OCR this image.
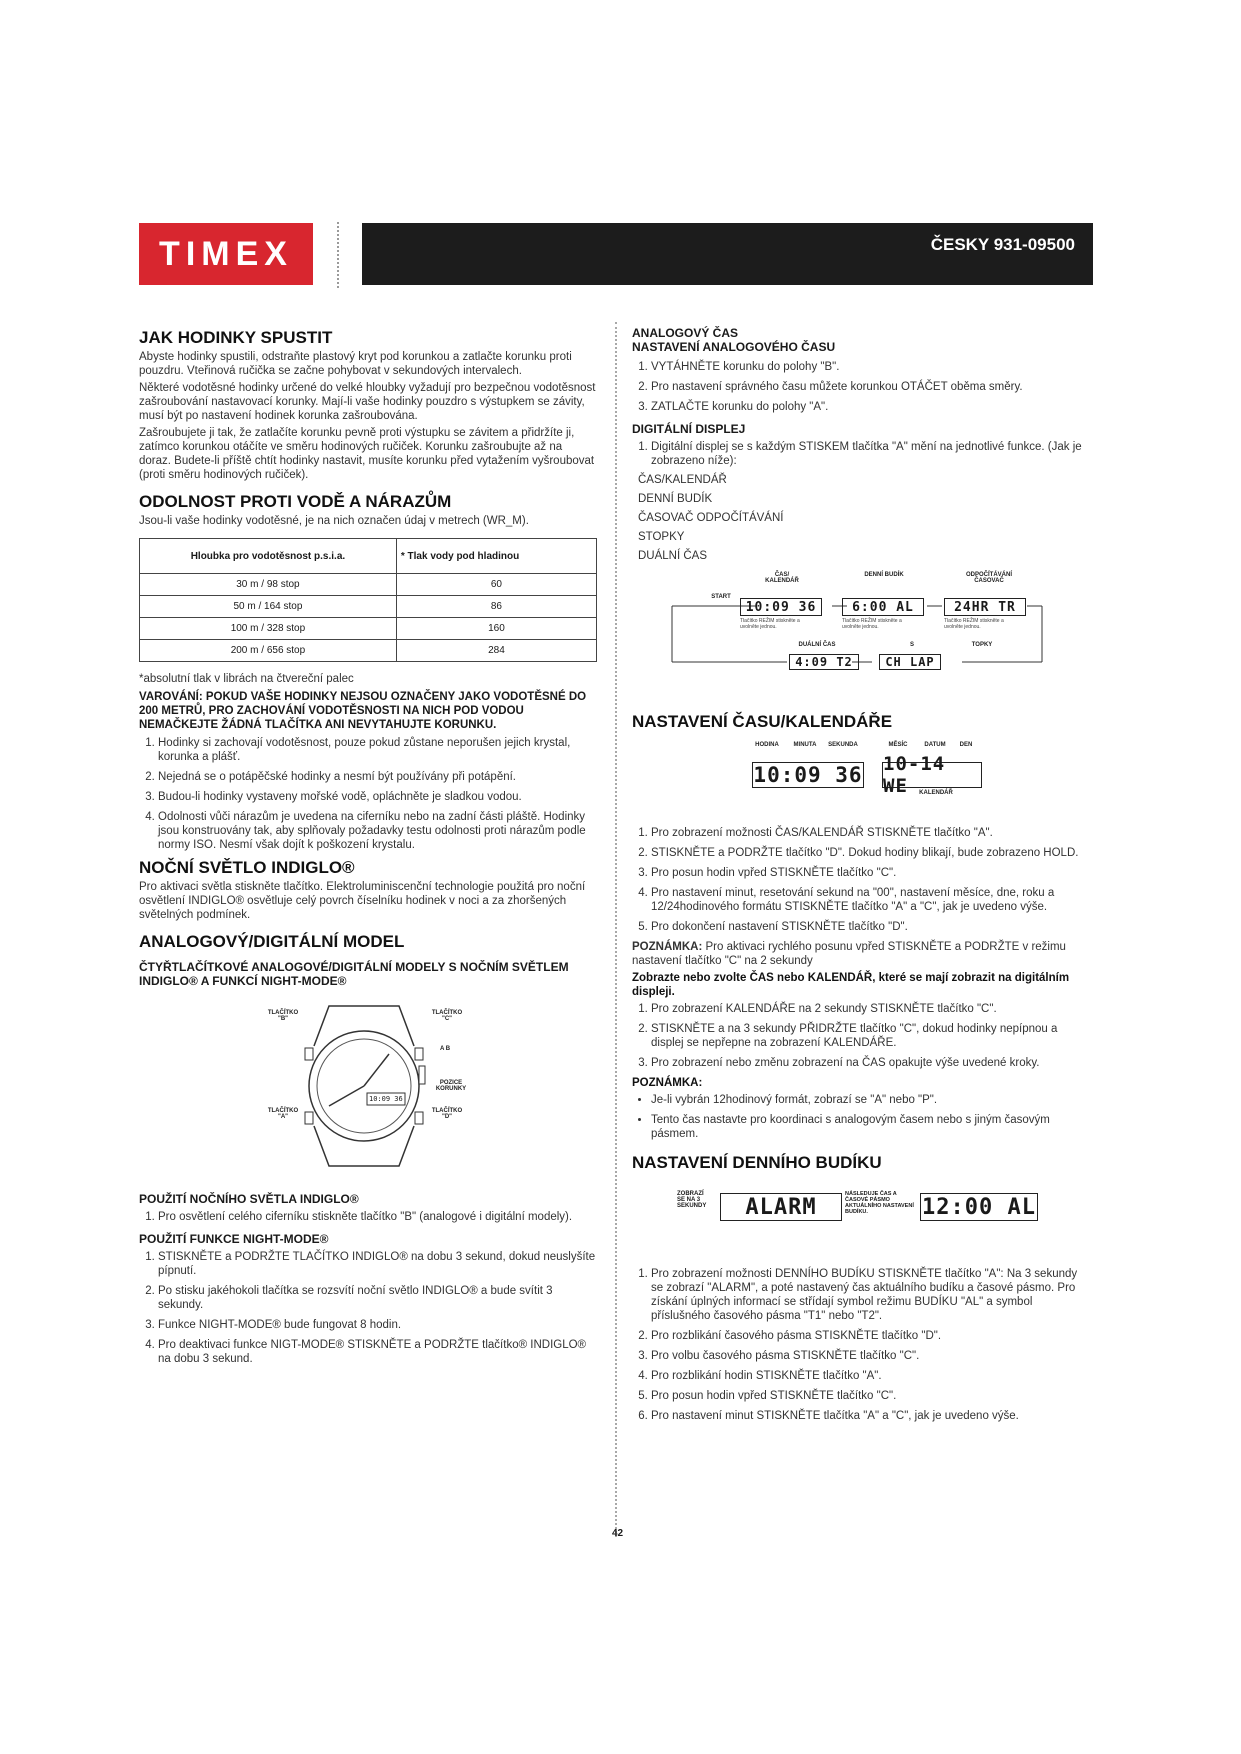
TIMEX	ČESKY 931-09500
JAK HODINKY SPUSTIT

Abyste hodinky spustili, odstraňte plastový kryt pod korunkou a zatlačte korunku proti pouzdru. Vteřinová ručička se začne pohybovat v sekundových intervalech.

Některé vodotěsné hodinky určené do velké hloubky vyžadují pro bezpečnou vodotěsnost zašroubování nastavovací korunky. Mají-li vaše hodinky pouzdro s výstupkem se závity, musí být po nastavení hodinek korunka zašroubována.

Zašroubujete ji tak, že zatlačíte korunku pevně proti výstupku se závitem a přidržíte ji, zatímco korunkou otáčíte ve směru hodinových ručiček. Korunku zašroubujte až na doraz. Budete-li příště chtít hodinky nastavit, musíte korunku před vytažením vyšroubovat (proti směru hodinových ručiček).

ODOLNOST PROTI VODĚ A NÁRAZŮM

Jsou-li vaše hodinky vodotěsné, je na nich označen údaj v metrech (WR_M).

Hloubka pro vodotěsnost p.s.i.a.	* Tlak vody pod hladinou
30 m / 98 stop	60
50 m / 164 stop	86
100 m / 328 stop	160
200 m / 656 stop	284

*absolutní tlak v librách na čtvereční palec

VAROVÁNÍ: POKUD VAŠE HODINKY NEJSOU OZNAČENY JAKO VODOTĚSNÉ DO 200 METRŮ, PRO ZACHOVÁNÍ VODOTĚSNOSTI NA NICH POD VODOU NEMAČKEJTE ŽÁDNÁ TLAČÍTKA ANI NEVYTAHUJTE KORUNKU.
1. Hodinky si zachovají vodotěsnost, pouze pokud zůstane neporušen jejich krystal, korunka a plášť.
2. Nejedná se o potápěčské hodinky a nesmí být používány při potápění.
3. Budou-li hodinky vystaveny mořské vodě, opláchněte je sladkou vodou.
4. Odolnosti vůči nárazům je uvedena na ciferníku nebo na zadní části pláště. Hodinky jsou konstruovány tak, aby splňovaly požadavky testu odolnosti proti nárazům podle normy ISO. Nesmí však dojít k poškození krystalu.
NOČNÍ SVĚTLO INDIGLO®

Pro aktivaci světla stiskněte tlačítko. Elektroluminiscenční technologie použitá pro noční osvětlení INDIGLO® osvětluje celý povrch číselníku hodinek v noci a za zhoršených světelných podmínek.

ANALOGOVÝ/DIGITÁLNÍ MODEL
ČTYŘTLAČÍTKOVÉ ANALOGOVÉ/DIGITÁLNÍ MODELY S NOČNÍM SVĚTLEM INDIGLO® A FUNKCÍ NIGHT-MODE®
TLAČÍTKO "B"
TLAČÍTKO "C"
A B
POZICE KORUNKY
TLAČÍTKO "A"
TLAČÍTKO "D"
10:09 36
POUŽITÍ NOČNÍHO SVĚTLA INDIGLO®
1. Pro osvětlení celého ciferníku stiskněte tlačítko "B" (analogové i digitální modely).
POUŽITÍ FUNKCE NIGHT-MODE®
1. STISKNĚTE a PODRŽTE TLAČÍTKO INDIGLO® na dobu 3 sekund, dokud neuslyšíte pípnutí.
2. Po stisku jakéhokoli tlačítka se rozsvítí noční světlo INDIGLO® a bude svítit 3 sekundy.
3. Funkce NIGHT-MODE® bude fungovat 8 hodin.
4. Pro deaktivaci funkce NIGT-MODE® STISKNĚTE a PODRŽTE tlačítko® INDIGLO® na dobu 3 sekund.
ANALOGOVÝ ČAS
NASTAVENÍ ANALOGOVÉHO ČASU
1. VYTÁHNĚTE korunku do polohy "B".
2. Pro nastavení správného času můžete korunkou OTÁČET oběma směry.
3. ZATLAČTE korunku do polohy "A".
DIGITÁLNÍ DISPLEJ
1. Digitální displej se s každým STISKEM tlačítka "A" mění na jednotlivé funkce. (Jak je zobrazeno níže):
ČAS/KALENDÁŘ
DENNÍ BUDÍK
ČASOVAČ ODPOČÍTÁVÁNÍ
STOPKY
DUÁLNÍ ČAS
START
ČAS/ KALENDÁŘ
DENNÍ BUDÍK	ODPOČÍTÁVÁNÍ ČASOVAČ
10:09 36	6:00 AL	24HR TR
Tlačítko REŽIM stiskněte a uvolněte jednou.
Tlačítko REŽIM stiskněte a uvolněte jednou.
Tlačítko REŽIM stiskněte a uvolněte jednou.
DUÁLNÍ ČAS	S	TOPKY
4:09 T2	CH LAP
NASTAVENÍ ČASU/KALENDÁŘE
HODINA	MINUTA	SEKUNDA	MĚSÍC	DATUM	DEN
10:09 36 10-14 WE	KALENDÁŘ
1. Pro zobrazení možnosti ČAS/KALENDÁŘ STISKNĚTE tlačítko "A".
2. STISKNĚTE a PODRŽTE tlačítko "D". Dokud hodiny blikají, bude zobrazeno HOLD.
3. Pro posun hodin vpřed STISKNĚTE tlačítko "C".
4. Pro nastavení minut, resetování sekund na "00", nastavení měsíce, dne, roku a 12/24hodinového formátu STISKNĚTE tlačítko "A" a "C", jak je uvedeno výše.
5. Pro dokončení nastavení STISKNĚTE tlačítko "D".

POZNÁMKA: Pro aktivaci rychlého posunu vpřed STISKNĚTE a PODRŽTE v režimu nastavení tlačítko "C" na 2 sekundy

Zobrazte nebo zvolte ČAS nebo KALENDÁŘ, které se mají zobrazit na digitálním displeji.

1. Pro zobrazení KALENDÁŘE na 2 sekundy STISKNĚTE tlačítko "C".
2. STISKNĚTE a na 3 sekundy PŘIDRŽTE tlačítko "C", dokud hodinky nepípnou a displej se nepřepne na zobrazení KALENDÁŘE.
3. Pro zobrazení nebo změnu zobrazení na ČAS opakujte výše uvedené kroky.

POZNÁMKA:

• Je-li vybrán 12hodinový formát, zobrazí se "A" nebo "P".
• Tento čas nastavte pro koordinaci s analogovým časem nebo s jiným časovým pásmem.
NASTAVENÍ DENNÍHO BUDÍKU
ZOBRAZÍ SE NA 3 SEKUNDY	ALARM
NÁSLEDUJE ČAS A ČASOVÉ PÁSMO AKTUÁLNÍHO NASTAVENÍ BUDÍKU.	12:00 AL
1. Pro zobrazení možnosti DENNÍHO BUDÍKU STISKNĚTE tlačítko "A": Na 3 sekundy se zobrazí "ALARM", a poté nastavený čas aktuálního budíku a časové pásmo. Pro získání úplných informací se střídají symbol režimu BUDÍKU "AL" a symbol příslušného časového pásma "T1" nebo "T2".
2. Pro rozblikání časového pásma STISKNĚTE tlačítko "D".
3. Pro volbu časového pásma STISKNĚTE tlačítko "C".
4. Pro rozblikání hodin STISKNĚTE tlačítko "A".
5. Pro posun hodin vpřed STISKNĚTE tlačítko "C".
6. Pro nastavení minut STISKNĚTE tlačítka "A" a "C", jak je uvedeno výše.
42
